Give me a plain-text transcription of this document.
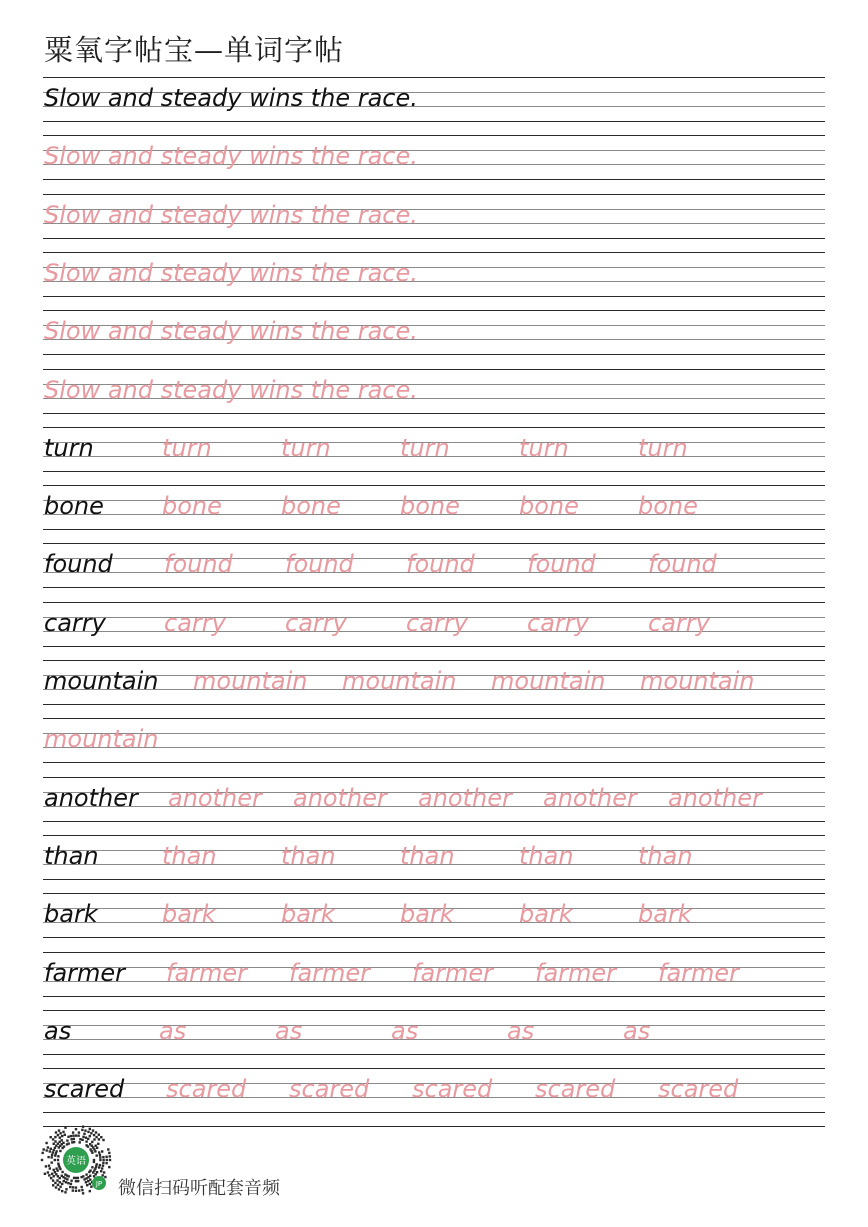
粟氧字帖宝—单词字帖
Slow and steady wins the race.
Slow and steady wins the race.
Slow and steady wins the race.
Slow and steady wins the race.
Slow and steady wins the race.
Slow and steady wins the race.
turn	turn	turn	turn	turn	turn
bone bone bone bone bone bone
found found found found found found
carry carry carry carry carry carry
mountain mountain mountain mountain mountain
mountain
another another another another another another
than	than	than	than	than	than
bark	bark	bark	bark	bark	bark
farmer farmer farmer farmer farmer farmer
as	as	as	as	as	as
scared scared scared scared scared scared
英语
JP 微信扫码听配套音频
